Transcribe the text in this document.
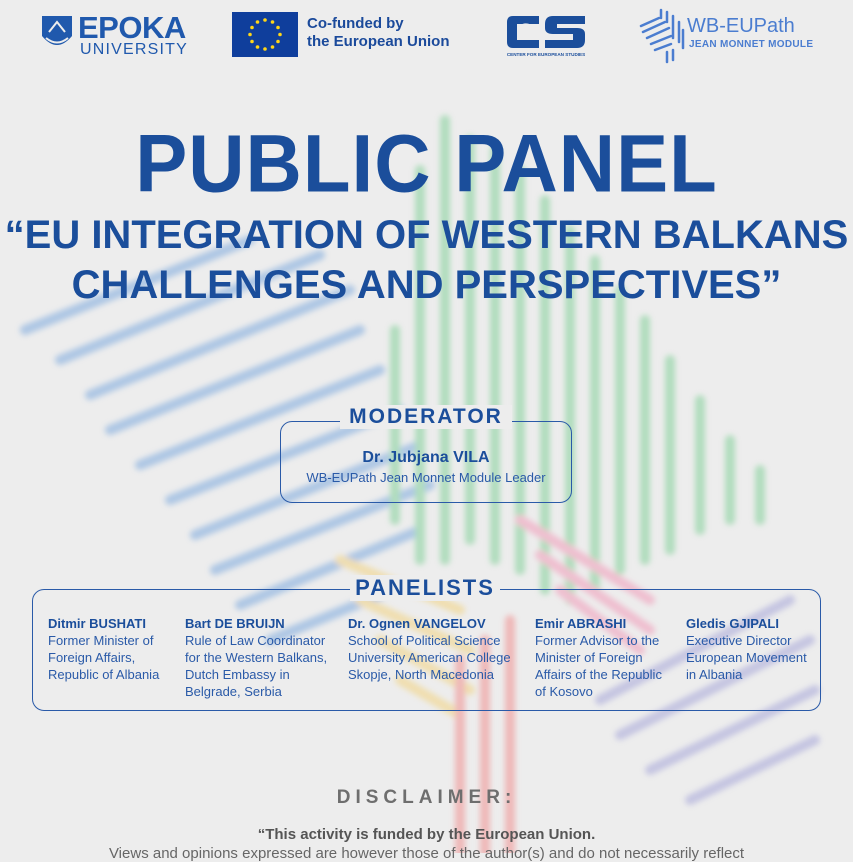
EPOKA
UNIVERSITY
Co-funded by
the European Union
CENTER FOR EUROPEAN STUDIES
WB-EUPath
JEAN MONNET MODULE
PUBLIC PANEL
“EU INTEGRATION OF WESTERN BALKANS
CHALLENGES AND PERSPECTIVES”
MODERATOR
Dr. Jubjana VILA
WB-EUPath Jean Monnet Module Leader
PANELISTS
Ditmir BUSHATI
Former Minister of
Foreign Affairs,
Republic of Albania
Bart DE BRUIJN
Rule of Law Coordinator
for the Western Balkans,
Dutch Embassy in
Belgrade, Serbia
Dr. Ognen VANGELOV
School of Political Science
University American College
Skopje, North Macedonia
Emir ABRASHI
Former Advisor to the
Minister of Foreign
Affairs of the Republic
of Kosovo
Gledis GJIPALI
Executive Director
European Movement
in Albania
DISCLAIMER:
“This activity is funded by the European Union.
Views and opinions expressed are however those of the author(s) and do not necessarily reflect
